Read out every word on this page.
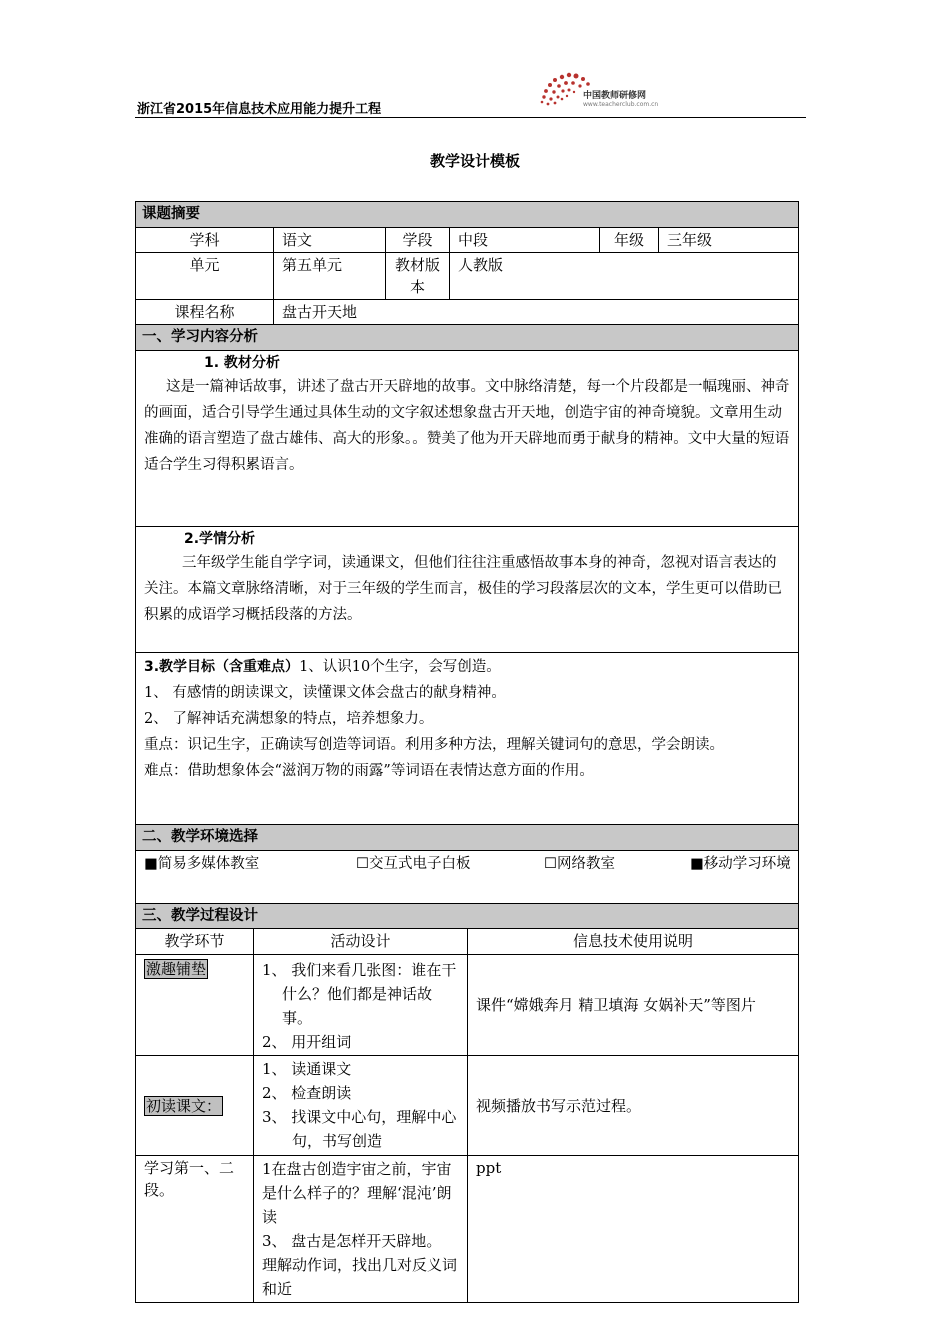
浙江省2015年信息技术应用能力提升工程
中国教师研修网
www.teacherclub.com.cn
教学设计模板
课题摘要							
学科		语文	学段	中段		年级	三年级
单元		第五单元	教材版本	人教版			
课程名称		盘古开天地					
一、学习内容分析							

1. 教材分析

这是一篇神话故事，讲述了盘古开天辟地的故事。文中脉络清楚，每一个片段都是一幅瑰丽、神奇的画面，适合引导学生通过具体生动的文字叙述想象盘古开天地，创造宇宙的神奇境貌。文章用生动准确的语言塑造了盘古雄伟、高大的形象。。赞美了他为开天辟地而勇于献身的精神。文中大量的短语适合学生习得积累语言。							

2.学情分析

三年级学生能自学字词，读通课文，但他们往往注重感悟故事本身的神奇，忽视对语言表达的关注。本篇文章脉络清晰，对于三年级的学生而言，极佳的学习段落层次的文本，学生更可以借助已积累的成语学习概括段落的方法。							

3.教学目标（含重难点）1、认识10个生字，会写创造。

1、 有感情的朗读课文，读懂课文体会盘古的献身精神。

2、 了解神话充满想象的特点，培养想象力。

重点：识记生字，正确读写创造等词语。利用多种方法，理解关键词句的意思，学会朗读。

难点：借助想象体会“滋润万物的雨露”等词语在表情达意方面的作用。							

二、教学环境选择							

■简易多媒体教室 ☐交互式电子白板 ☐网络教室 ■移动学习环境							

三、教学过程设计							
教学环节	活动设计				信息技术使用说明		
激趣铺垫	1、 我们来看几张图：谁在干什么？他们都是神话故事。

2、 用开组词				课件“嫦娥奔月 精卫填海 女娲补天”等图片		
初读课文：	1、 读通课文

2、 检查朗读

3、 找课文中心句，理解中心句，书写创造				视频播放书写示范过程。		
学习第一、二段。	1在盘古创造宇宙之前，宇宙是什么样子的？理解‘混沌’朗读

3、 盘古是怎样开天辟地。

理解动作词，找出几对反义词和近				ppt		
